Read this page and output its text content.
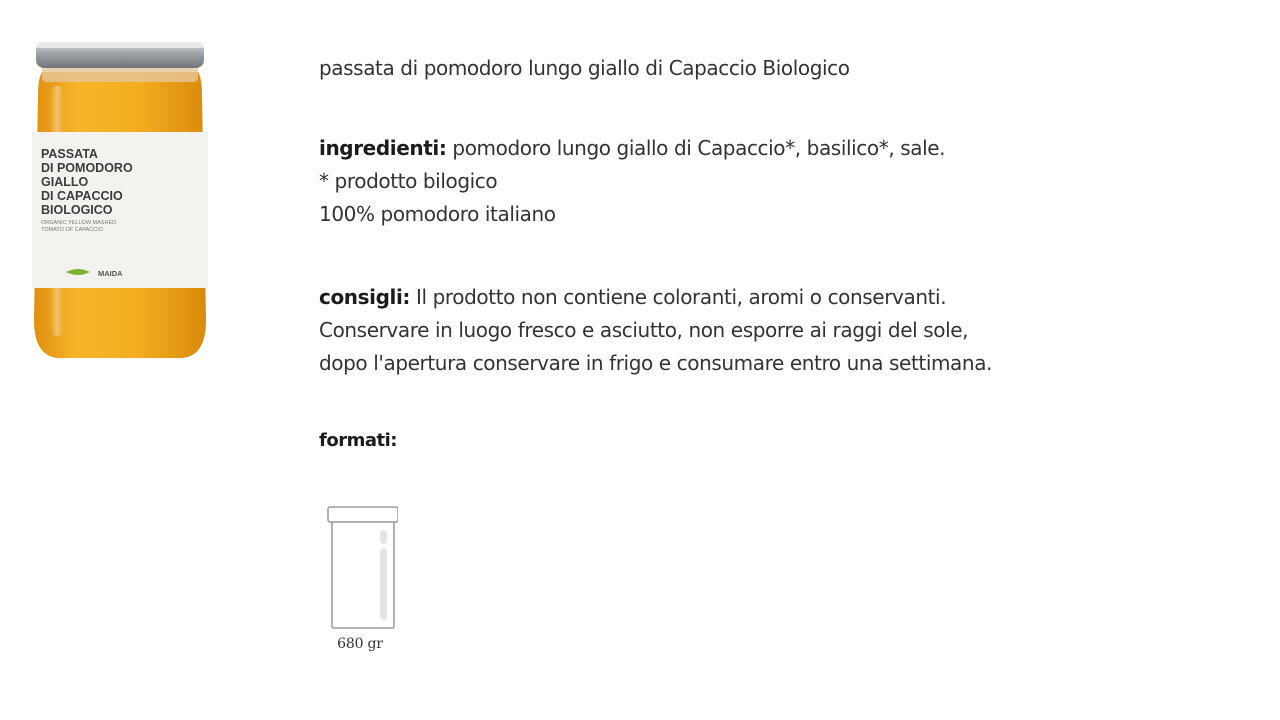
PASSATA
DI POMODORO
GIALLO
DI CAPACCIO
BIOLOGICO
ORGANIC YELLOW MASHED
TOMATO OF CAPACCIO
MAIDA

passata di pomodoro lungo giallo di Capaccio Biologico

ingredienti: pomodoro lungo giallo di Capaccio*, basilico*, sale.

* prodotto bilogico

100% pomodoro italiano

consigli: Il prodotto non contiene coloranti, aromi o conservanti.

Conservare in luogo fresco e asciutto, non esporre ai raggi del sole,

dopo l'apertura conservare in frigo e consumare entro una settimana.

formati:

680 gr
